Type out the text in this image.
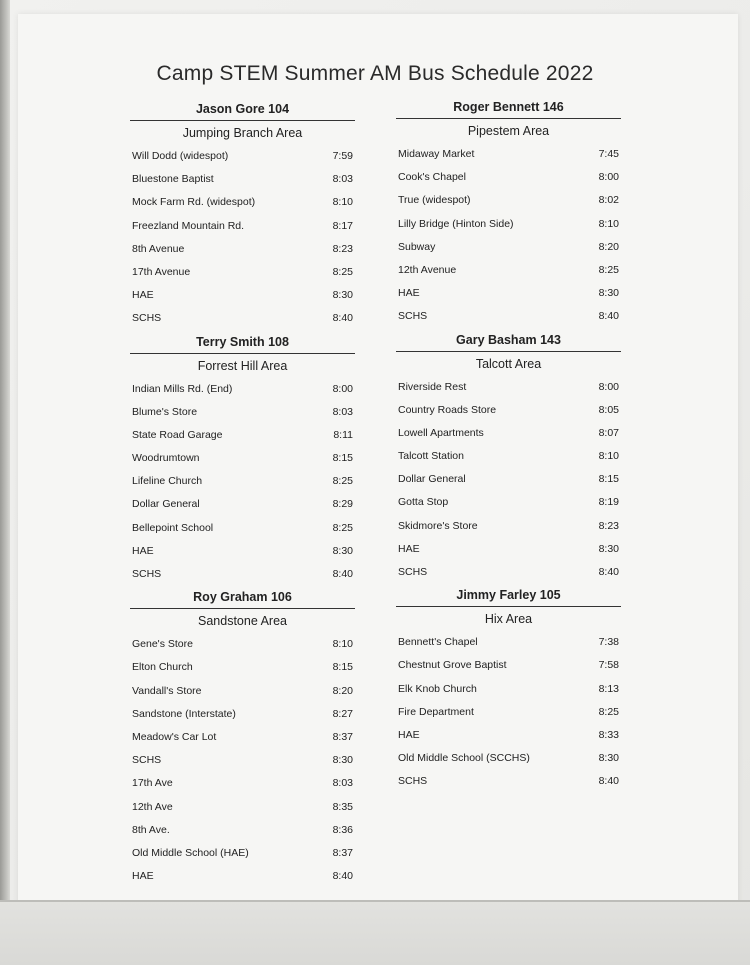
Camp STEM Summer AM Bus Schedule 2022
Jason Gore 104
Jumping Branch Area
Will Dodd (widespot)	7:59
Bluestone Baptist	8:03
Mock Farm Rd. (widespot)	8:10
Freezland Mountain Rd.	8:17
8th Avenue	8:23
17th Avenue	8:25
HAE	8:30
SCHS	8:40
Terry Smith 108
Forrest Hill Area
Indian Mills Rd. (End)	8:00
Blume's Store	8:03
State Road Garage	8:11
Woodrumtown	8:15
Lifeline Church	8:25
Dollar General	8:29
Bellepoint School	8:25
HAE	8:30
SCHS	8:40
Roy Graham 106
Sandstone Area
Gene's Store	8:10
Elton Church	8:15
Vandall's Store	8:20
Sandstone (Interstate)	8:27
Meadow's Car Lot	8:37
SCHS	8:30
17th Ave	8:03
12th Ave	8:35
8th Ave.	8:36
Old Middle School (HAE)	8:37
HAE	8:40
Roger Bennett 146
Pipestem Area
Midaway Market	7:45
Cook's Chapel	8:00
True (widespot)	8:02
Lilly Bridge (Hinton Side)	8:10
Subway	8:20
12th Avenue	8:25
HAE	8:30
SCHS	8:40
Gary Basham 143
Talcott Area
Riverside Rest	8:00
Country Roads Store	8:05
Lowell Apartments	8:07
Talcott Station	8:10
Dollar General	8:15
Gotta Stop	8:19
Skidmore's Store	8:23
HAE	8:30
SCHS	8:40
Jimmy Farley 105
Hix Area
Bennett's Chapel	7:38
Chestnut Grove Baptist	7:58
Elk Knob Church	8:13
Fire Department	8:25
HAE	8:33
Old Middle School (SCCHS)	8:30
SCHS	8:40
